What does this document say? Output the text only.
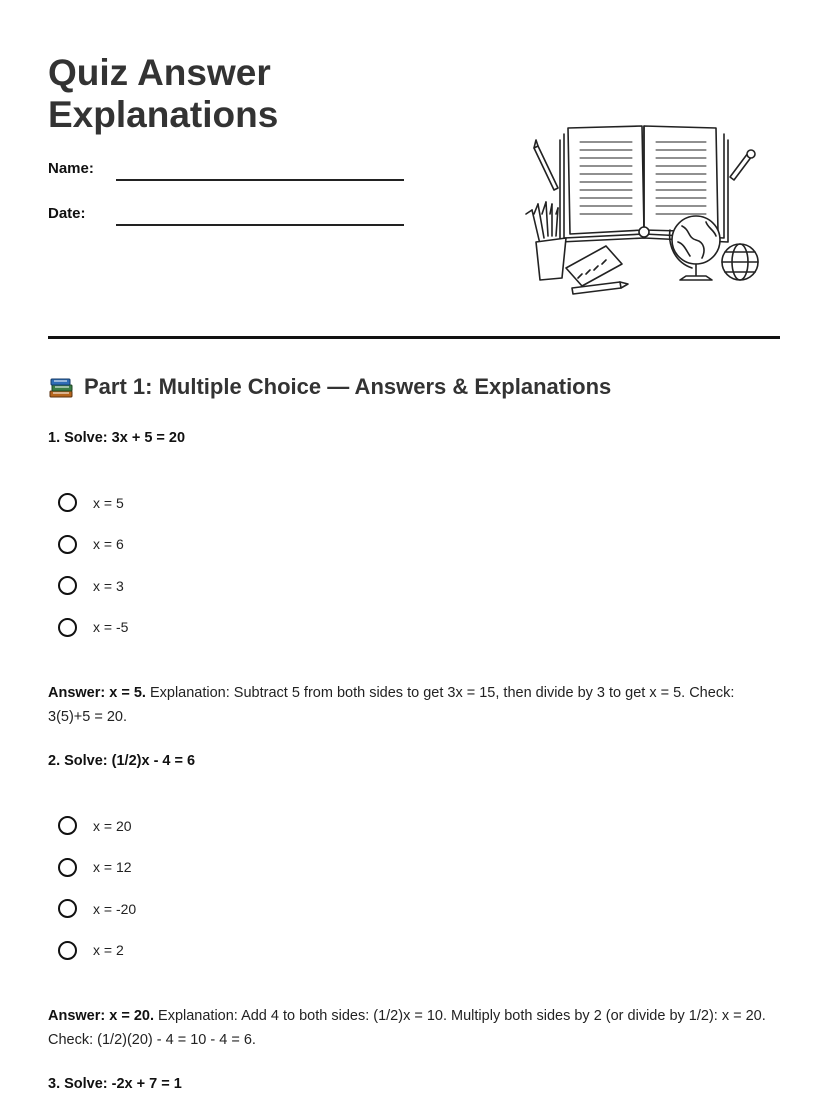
Quiz Answer
Explanations
Name:
Date:
Part 1: Multiple Choice — Answers & Explanations

1. Solve: 3x + 5 = 20

x = 5
x = 6
x = 3
x = -5

Answer: x = 5. Explanation: Subtract 5 from both sides to get 3x = 15, then divide by 3 to get x = 5. Check: 3(5)+5 = 20.

2. Solve: (1/2)x - 4 = 6

x = 20
x = 12
x = -20
x = 2

Answer: x = 20. Explanation: Add 4 to both sides: (1/2)x = 10. Multiply both sides by 2 (or divide by 1/2): x = 20. Check: (1/2)(20) - 4 = 10 - 4 = 6.

3. Solve: -2x + 7 = 1
